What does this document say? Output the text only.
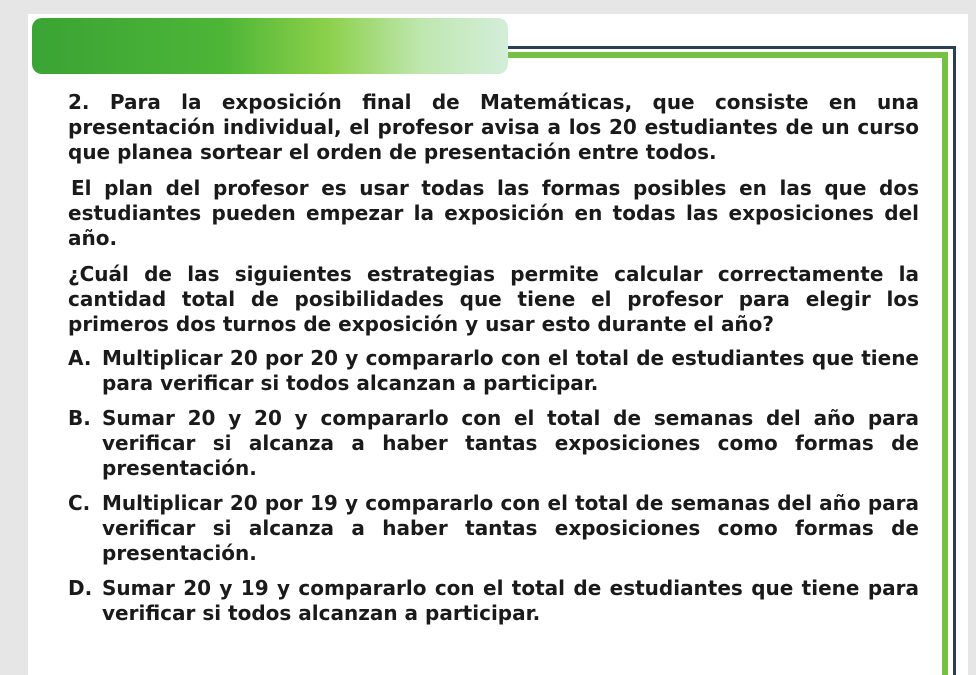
2. Para la exposición final de Matemáticas, que consiste en una presentación individual, el profesor avisa a los 20 estudiantes de un curso que planea sortear el orden de presentación entre todos.

El plan del profesor es usar todas las formas posibles en las que dos estudiantes pueden empezar la exposición en todas las exposiciones del año.

¿Cuál de las siguientes estrategias permite calcular correctamente la cantidad total de posibilidades que tiene el profesor para elegir los primeros dos turnos de exposición y usar esto durante el año?

A. Multiplicar 20 por 20 y compararlo con el total de estudiantes que tiene para verificar si todos alcanzan a participar.
B. Sumar 20 y 20 y compararlo con el total de semanas del año para verificar si alcanza a haber tantas exposiciones como formas de presentación.
C. Multiplicar 20 por 19 y compararlo con el total de semanas del año para verificar si alcanza a haber tantas exposiciones como formas de presentación.
D. Sumar 20 y 19 y compararlo con el total de estudiantes que tiene para verificar si todos alcanzan a participar.
